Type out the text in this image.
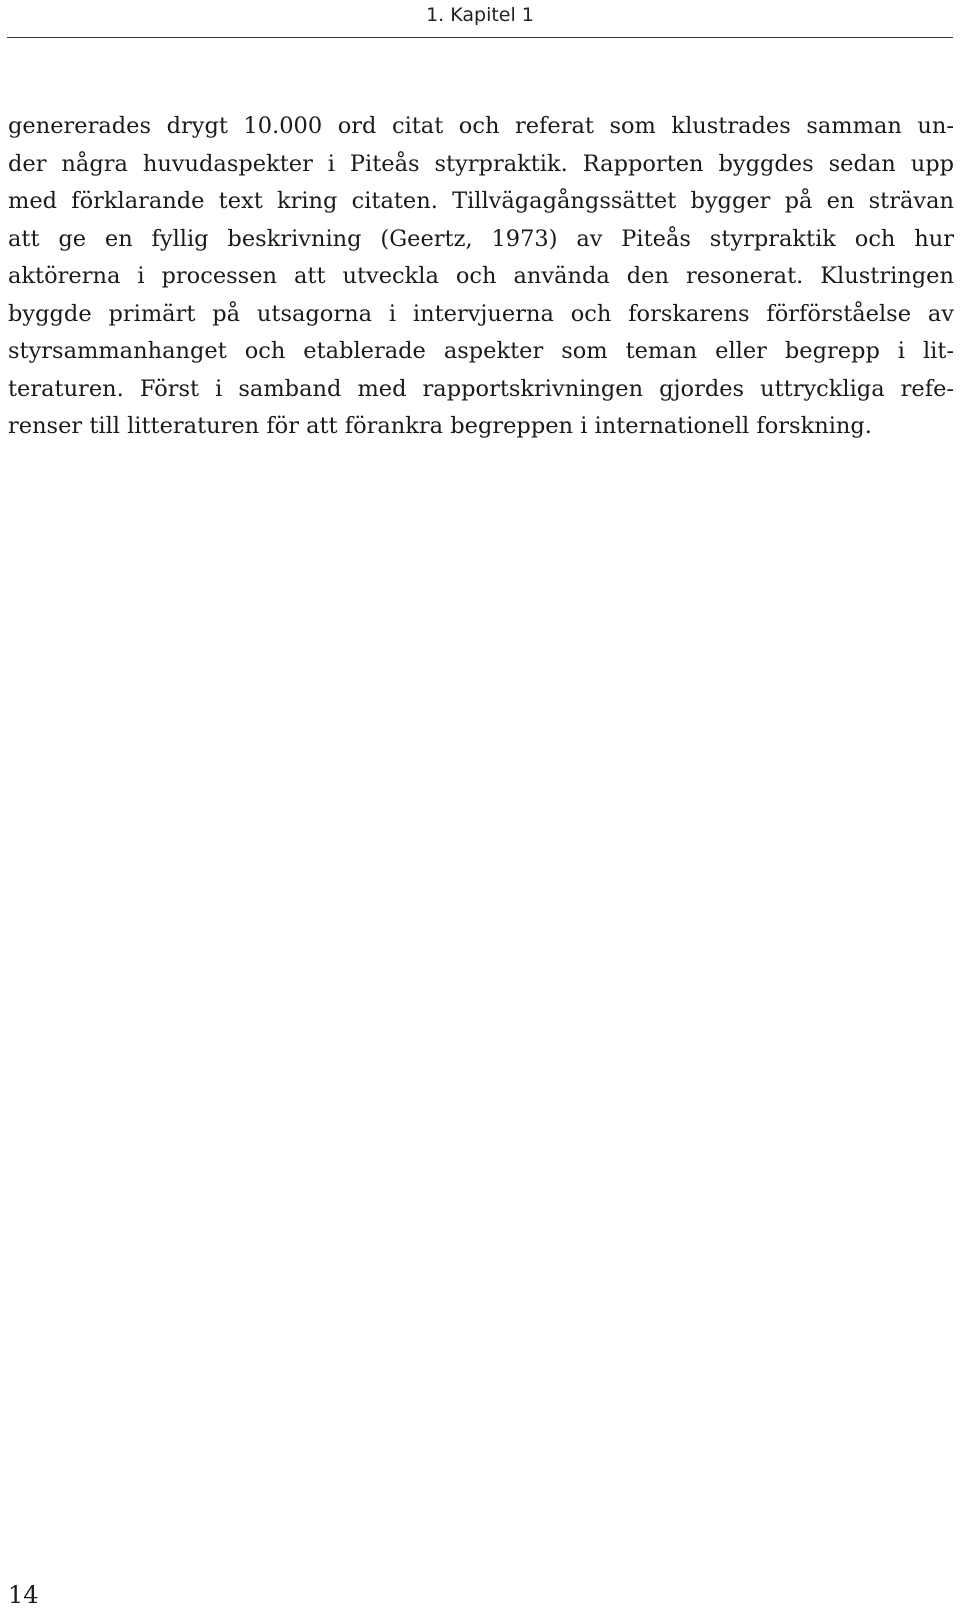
1. Kapitel 1

genererades drygt 10.000 ord citat och referat som klustrades samman un-
der några huvudaspekter i Piteås styrpraktik. Rapporten byggdes sedan upp
med förklarande text kring citaten. Tillvägagångssättet bygger på en strävan
att ge en fyllig beskrivning (Geertz, 1973) av Piteås styrpraktik och hur
aktörerna i processen att utveckla och använda den resonerat. Klustringen
byggde primärt på utsagorna i intervjuerna och forskarens förförståelse av
styrsammanhanget och etablerade aspekter som teman eller begrepp i lit-
teraturen. Först i samband med rapportskrivningen gjordes uttryckliga refe-
renser till litteraturen för att förankra begreppen i internationell forskning.

14
